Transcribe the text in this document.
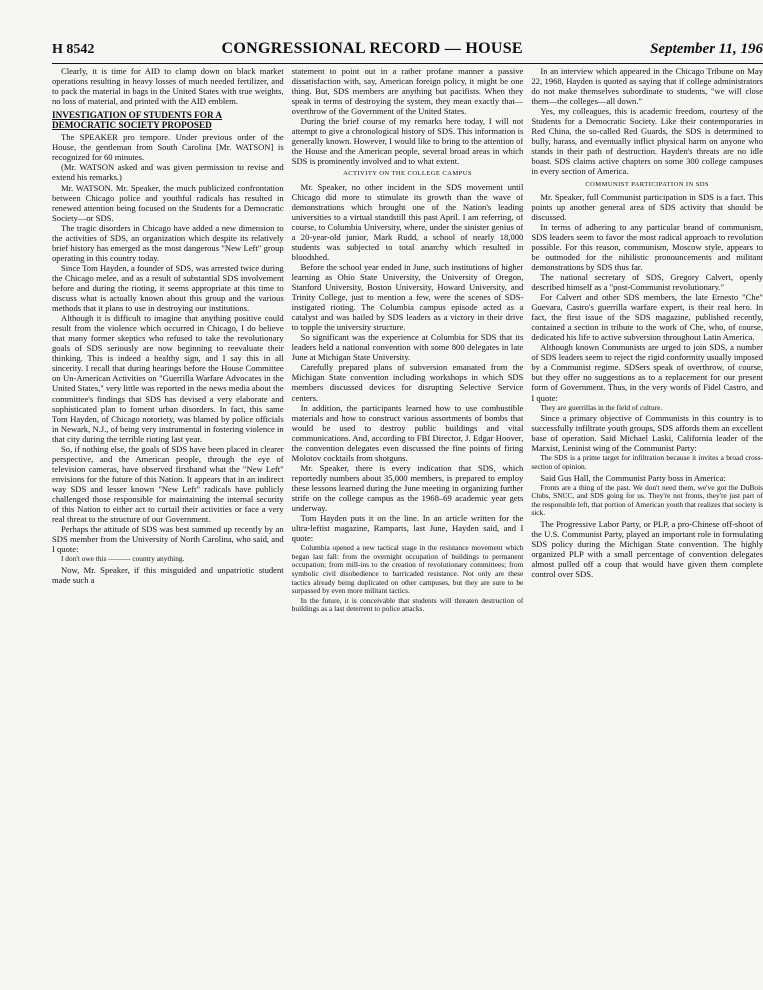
H 8542	CONGRESSIONAL RECORD — HOUSE	September 11, 196

Clearly, it is time for AID to clamp down on black market operations resulting in heavy losses of much needed fertilizer, and to pack the material in bags in the United States with true weights, no loss of material, and printed with the AID emblem.

INVESTIGATION OF STUDENTS FOR A DEMOCRATIC SOCIETY PROPOSED

The SPEAKER pro tempore. Under previous order of the House, the gentleman from South Carolina [Mr. WATSON] is recognized for 60 minutes.

(Mr. WATSON asked and was given permission to revise and extend his remarks.)

Mr. WATSON. Mr. Speaker, the much publicized confrontation between Chicago police and youthful radicals has resulted in renewed attention being focused on the Students for a Democratic Society—or SDS.

The tragic disorders in Chicago have added a new dimension to the activities of SDS, an organization which despite its relatively brief history has emerged as the most dangerous "New Left" group operating in this country today.

Since Tom Hayden, a founder of SDS, was arrested twice during the Chicago melee, and as a result of substantial SDS involvement before and during the rioting, it seems appropriate at this time to discuss what is actually known about this group and the various methods that it plans to use in destroying our institutions.

Although it is difficult to imagine that anything positive could result from the violence which occurred in Chicago, I do believe that many former skeptics who refused to take the revolutionary goals of SDS seriously are now beginning to reevaluate their thinking. This is indeed a healthy sign, and I say this in all sincerity. I recall that during hearings before the House Committee on Un-American Activities on "Guerrilla Warfare Advocates in the United States," very little was reported in the news media about the committee's findings that SDS has devised a very elaborate and sophisticated plan to foment urban disorders. In fact, this same Tom Hayden, of Chicago notoriety, was blamed by police officials in Newark, N.J., of being very instrumental in fostering violence in that city during the terrible rioting last year.

So, if nothing else, the goals of SDS have been placed in clearer perspective, and the American people, through the eye of television cameras, have observed firsthand what the "New Left" envisions for the future of this Nation. It appears that in an indirect way SDS and lesser known "New Left" radicals have publicly challenged those responsible for maintaining the internal security of this Nation to either act to curtail their activities or face a very real threat to the structure of our Government.

Perhaps the attitude of SDS was best summed up recently by an SDS member from the University of North Carolina, who said, and I quote:

I don't owe this ——— country anything.

Now, Mr. Speaker, if this misguided and unpatriotic student made such a

statement to point out in a rather profane manner a passive dissatisfaction with, say, American foreign policy, it might be one thing. But, SDS members are anything but pacifists. When they speak in terms of destroying the system, they mean exactly that—overthrow of the Government of the United States.

During the brief course of my remarks here today, I will not attempt to give a chronological history of SDS. This information is generally known. However, I would like to bring to the attention of the House and the American people, several broad areas in which SDS is prominently involved and to what extent.

ACTIVITY ON THE COLLEGE CAMPUS

Mr. Speaker, no other incident in the SDS movement until Chicago did more to stimulate its growth than the wave of demonstrations which brought one of the Nation's leading universities to a virtual standstill this past April. I am referring, of course, to Columbia University, where, under the sinister genius of a 20-year-old junior, Mark Rudd, a school of nearly 18,000 students was subjected to total anarchy which resulted in bloodshed.

Before the school year ended in June, such institutions of higher learning as Ohio State University, the University of Oregon, Stanford University, Boston University, Howard University, and Trinity College, just to mention a few, were the scenes of SDS-instigated rioting. The Columbia campus episode acted as a catalyst and was hailed by SDS leaders as a victory in their drive to topple the university structure.

So significant was the experience at Columbia for SDS that its leaders held a national convention with some 800 delegates in late June at Michigan State University.

Carefully prepared plans of subversion emanated from the Michigan State convention including workshops in which SDS members discussed devices for disrupting Selective Service centers.

In addition, the participants learned how to use combustible materials and how to construct various assortments of bombs that would be used to destroy public buildings and vital communications. And, according to FBI Director, J. Edgar Hoover, the convention delegates even discussed the fine points of firing Molotov cocktails from shotguns.

Mr. Speaker, there is every indication that SDS, which reportedly numbers about 35,000 members, is prepared to employ these lessons learned during the June meeting in organizing further strife on the college campus as the 1968–69 academic year gets underway.

Tom Hayden puts it on the line. In an article written for the ultra-leftist magazine, Ramparts, last June, Hayden said, and I quote:

Columbia opened a new tactical stage in the resistance movement which began last fall: from the overnight occupation of buildings to permanent occupation; from mill-ins to the creation of revolutionary committees; from symbolic civil disobedience to barricaded resistance. Not only are these tactics already being duplicated on other campuses, but they are sure to be surpassed by even more militant tactics.

In the future, it is conceivable that students will threaten destruction of buildings as a last deterrent to police attacks.

In an interview which appeared in the Chicago Tribune on May 22, 1968, Hayden is quoted as saying that if college administrators do not make themselves subordinate to students, "we will close them—the colleges—all down."

Yes, my colleagues, this is academic freedom, courtesy of the Students for a Democratic Society. Like their contemporaries in Red China, the so-called Red Guards, the SDS is determined to bully, harass, and eventually inflict physical harm on anyone who stands in their path of destruction. Hayden's threats are no idle boast. SDS claims active chapters on some 300 college campuses in every section of America.

COMMUNIST PARTICIPATION IN SDS

Mr. Speaker, full Communist participation in SDS is a fact. This points up another general area of SDS activity that should be discussed.

In terms of adhering to any particular brand of communism, SDS leaders seem to favor the most radical approach to revolution possible. For this reason, communism, Moscow style, appears to be outmoded for the nihilistic pronouncements and militant demonstrations by SDS thus far.

The national secretary of SDS, Gregory Calvert, openly described himself as a "post-Communist revolutionary."

For Calvert and other SDS members, the late Ernesto "Che" Guevara, Castro's guerrilla warfare expert, is their real hero. In fact, the first issue of the SDS magazine, published recently, contained a section in tribute to the work of Che, who, of course, dedicated his life to active subversion throughout Latin America.

Although known Communists are urged to join SDS, a number of SDS leaders seem to reject the rigid conformity usually imposed by a Communist regime. SDSers speak of overthrow, of course, but they offer no suggestions as to a replacement for our present form of Government. Thus, in the very words of Fidel Castro, and I quote:

They are guerrillas in the field of culture.

Since a primary objective of Communists in this country is to successfully infiltrate youth groups, SDS affords them an excellent base of operation. Said Michael Laski, California leader of the Marxist, Leninist wing of the Communist Party:

The SDS is a prime target for infiltration because it invites a broad cross-section of opinion.

Said Gus Hall, the Communist Party boss in America:

Fronts are a thing of the past. We don't need them, we've got the DuBois Clubs, SNCC, and SDS going for us. They're not fronts, they're just part of the responsible left, that portion of American youth that realizes that society is sick.

The Progressive Labor Party, or PLP, a pro-Chinese off-shoot of the U.S. Communist Party, played an important role in formulating SDS policy during the Michigan State convention. The highly organized PLP with a small percentage of convention delegates almost pulled off a coup that would have given them complete control over SDS.
